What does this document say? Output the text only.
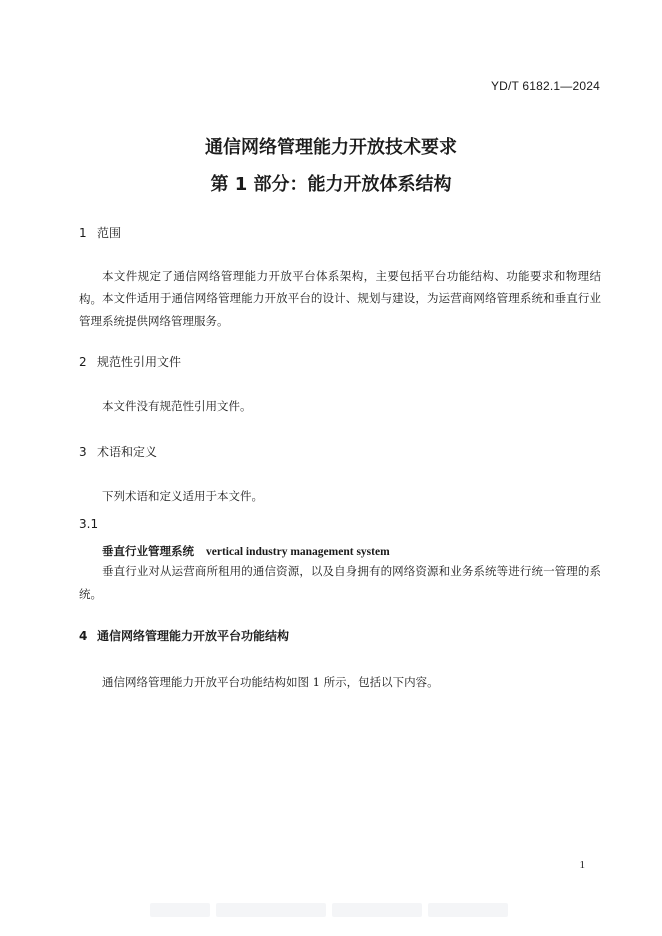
YD/T 6182.1—2024
通信网络管理能力开放技术要求
第 1 部分：能力开放体系结构
1 范围
本文件规定了通信网络管理能力开放平台体系架构，主要包括平台功能结构、功能要求和物理结构。 本文件适用于通信网络管理能力开放平台的设计、规划与建设，为运营商网络管理系统和垂直行业管理系统提供网络管理服务。
2 规范性引用文件
本文件没有规范性引用文件。
3 术语和定义
下列术语和定义适用于本文件。
3.1
垂直行业管理系统 vertical industry management system
垂直行业对从运营商所租用的通信资源，以及自身拥有的网络资源和业务系统等进行统一管理的系统。
4 通信网络管理能力开放平台功能结构
通信网络管理能力开放平台功能结构如图 1 所示，包括以下内容。
1
